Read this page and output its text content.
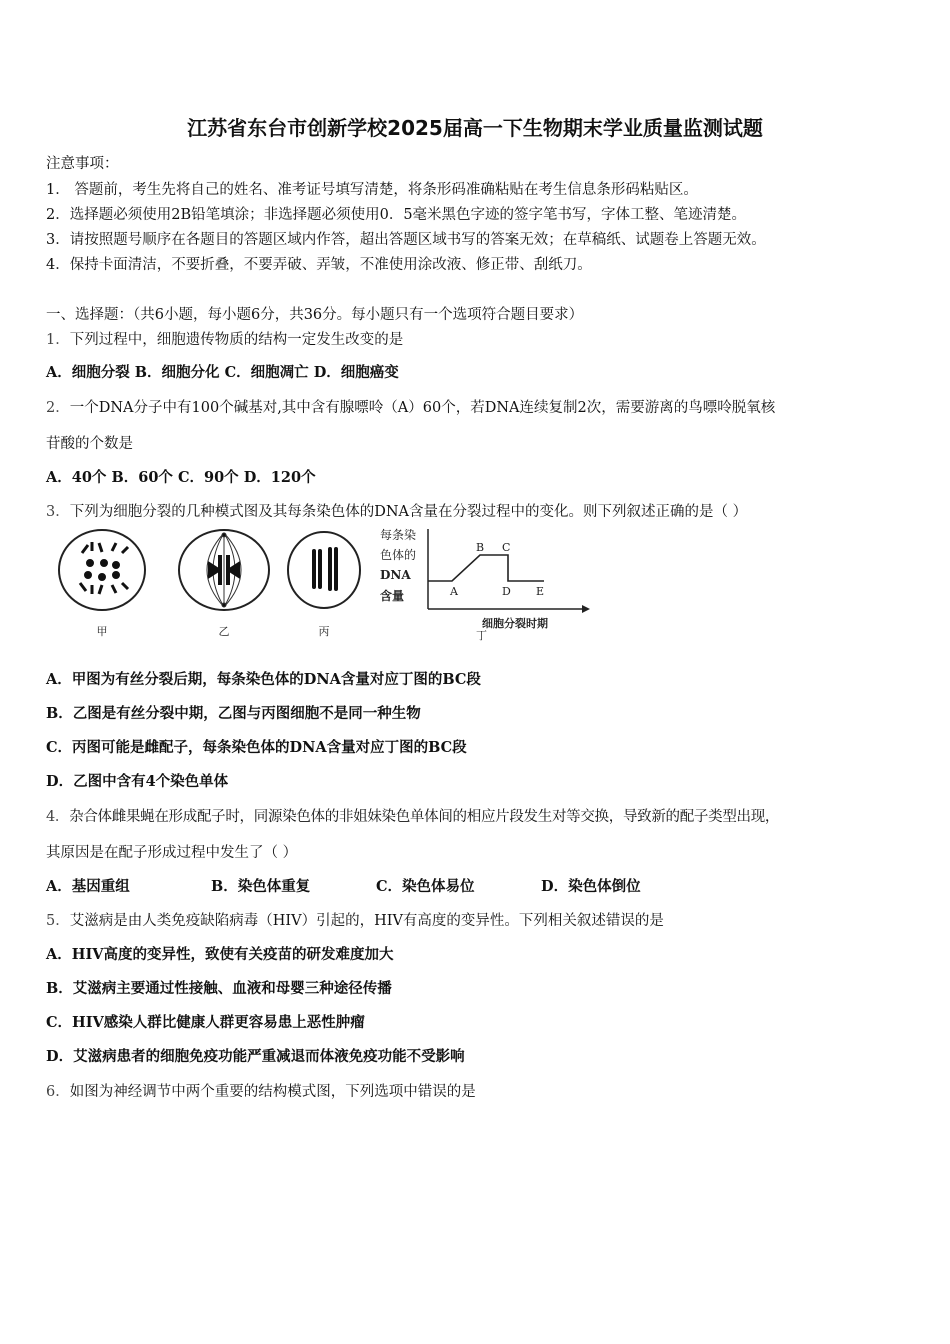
江苏省东台市创新学校2025届高一下生物期末学业质量监测试题
注意事项：
1． 答题前，考生先将自己的姓名、准考证号填写清楚，将条形码准确粘贴在考生信息条形码粘贴区。
2．选择题必须使用2B铅笔填涂；非选择题必须使用0．5毫米黑色字迹的签字笔书写，字体工整、笔迹清楚。
3．请按照题号顺序在各题目的答题区域内作答，超出答题区域书写的答案无效；在草稿纸、试题卷上答题无效。
4．保持卡面清洁，不要折叠，不要弄破、弄皱，不准使用涂改液、修正带、刮纸刀。
一、选择题：（共6小题，每小题6分，共36分。每小题只有一个选项符合题目要求）
1．下列过程中，细胞遗传物质的结构一定发生改变的是
A．细胞分裂 B．细胞分化 C．细胞凋亡 D．细胞癌变
2．一个DNA分子中有100个碱基对,其中含有腺嘌呤（A）60个，若DNA连续复制2次，需要游离的鸟嘌呤脱氧核
苷酸的个数是
A．40个 B．60个 C．90个 D．120个
3．下列为细胞分裂的几种模式图及其每条染色体的DNA含量在分裂过程中的变化。则下列叙述正确的是（ ）
甲	乙	丙
每条染
色体的
DNA
含量	A
B C
D E
细胞分裂时期
丁
A．甲图为有丝分裂后期，每条染色体的DNA含量对应丁图的BC段
B．乙图是有丝分裂中期，乙图与丙图细胞不是同一种生物
C．丙图可能是雌配子，每条染色体的DNA含量对应丁图的BC段
D．乙图中含有4个染色单体
4．杂合体雌果蝇在形成配子时，同源染色体的非姐妹染色单体间的相应片段发生对等交换，导致新的配子类型出现，
其原因是在配子形成过程中发生了（ ）
A．基因重组	B．染色体重复	C．染色体易位	D．染色体倒位
5．艾滋病是由人类免疫缺陷病毒（HIV）引起的，HIV有高度的变异性。下列相关叙述错误的是
A．HIV高度的变异性，致使有关疫苗的研发难度加大
B．艾滋病主要通过性接触、血液和母婴三种途径传播
C．HIV感染人群比健康人群更容易患上恶性肿瘤
D．艾滋病患者的细胞免疫功能严重减退而体液免疫功能不受影响
6．如图为神经调节中两个重要的结构模式图，下列选项中错误的是
